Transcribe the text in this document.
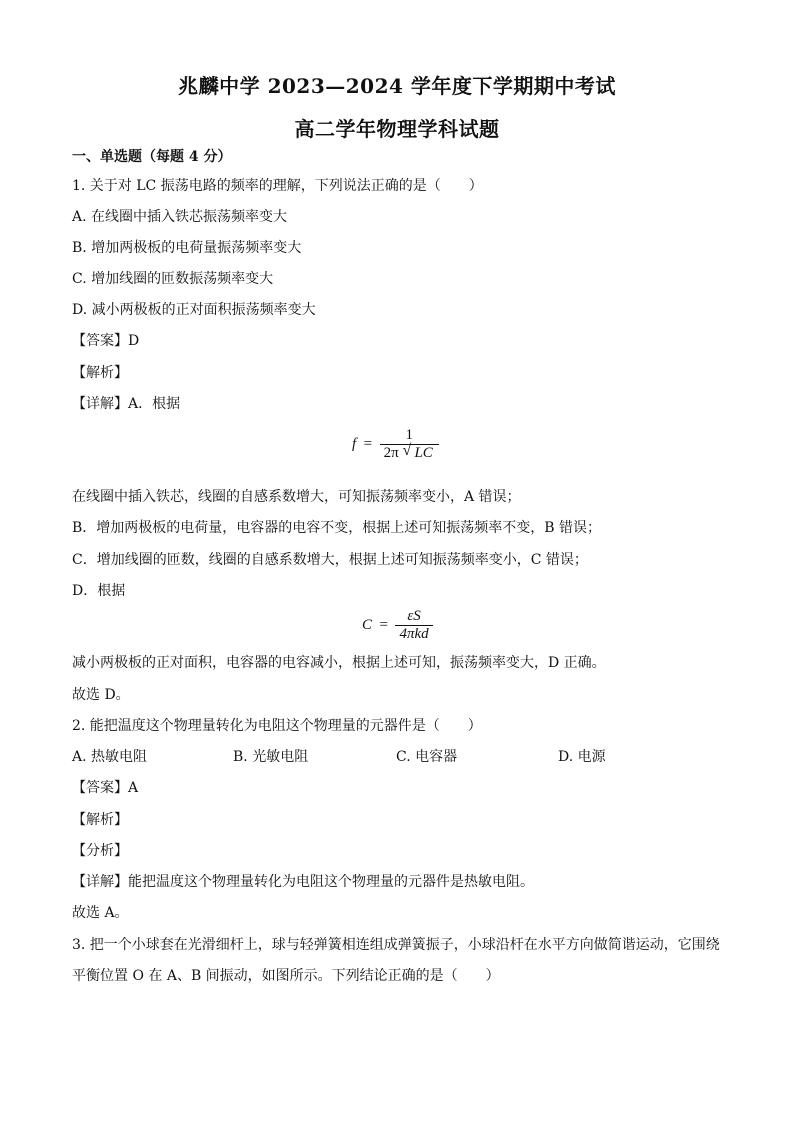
兆麟中学 2023—2024 学年度下学期期中考试
高二学年物理学科试题
一、单选题（每题 4 分）
1. 关于对 LC 振荡电路的频率的理解，下列说法正确的是（　　）
A. 在线圈中插入铁芯振荡频率变大
B. 增加两极板的电荷量振荡频率变大
C. 增加线圈的匝数振荡频率变大
D. 减小两极板的正对面积振荡频率变大
【答案】D
【解析】
【详解】A．根据
$f = \frac{1}{2\pi √ LC}$
在线圈中插入铁芯，线圈的自感系数增大，可知振荡频率变小，A 错误；
B．增加两极板的电荷量，电容器的电容不变，根据上述可知振荡频率不变，B 错误；
C．增加线圈的匝数，线圈的自感系数增大，根据上述可知振荡频率变小，C 错误；
D．根据
$C = \frac{\varepsilon S}{\text{4πkd}}$
减小两极板的正对面积，电容器的电容减小，根据上述可知，振荡频率变大，D 正确。
故选 D。
2. 能把温度这个物理量转化为电阻这个物理量的元器件是（　　）
A. 热敏电阻	B. 光敏电阻	C. 电容器	D. 电源
【答案】A
【解析】
【分析】
【详解】能把温度这个物理量转化为电阻这个物理量的元器件是热敏电阻。
故选 A。
3. 把一个小球套在光滑细杆上，球与轻弹簧相连组成弹簧振子，小球沿杆在水平方向做简谐运动，它围绕
平衡位置 O 在 A、B 间振动，如图所示。下列结论正确的是（　　）
